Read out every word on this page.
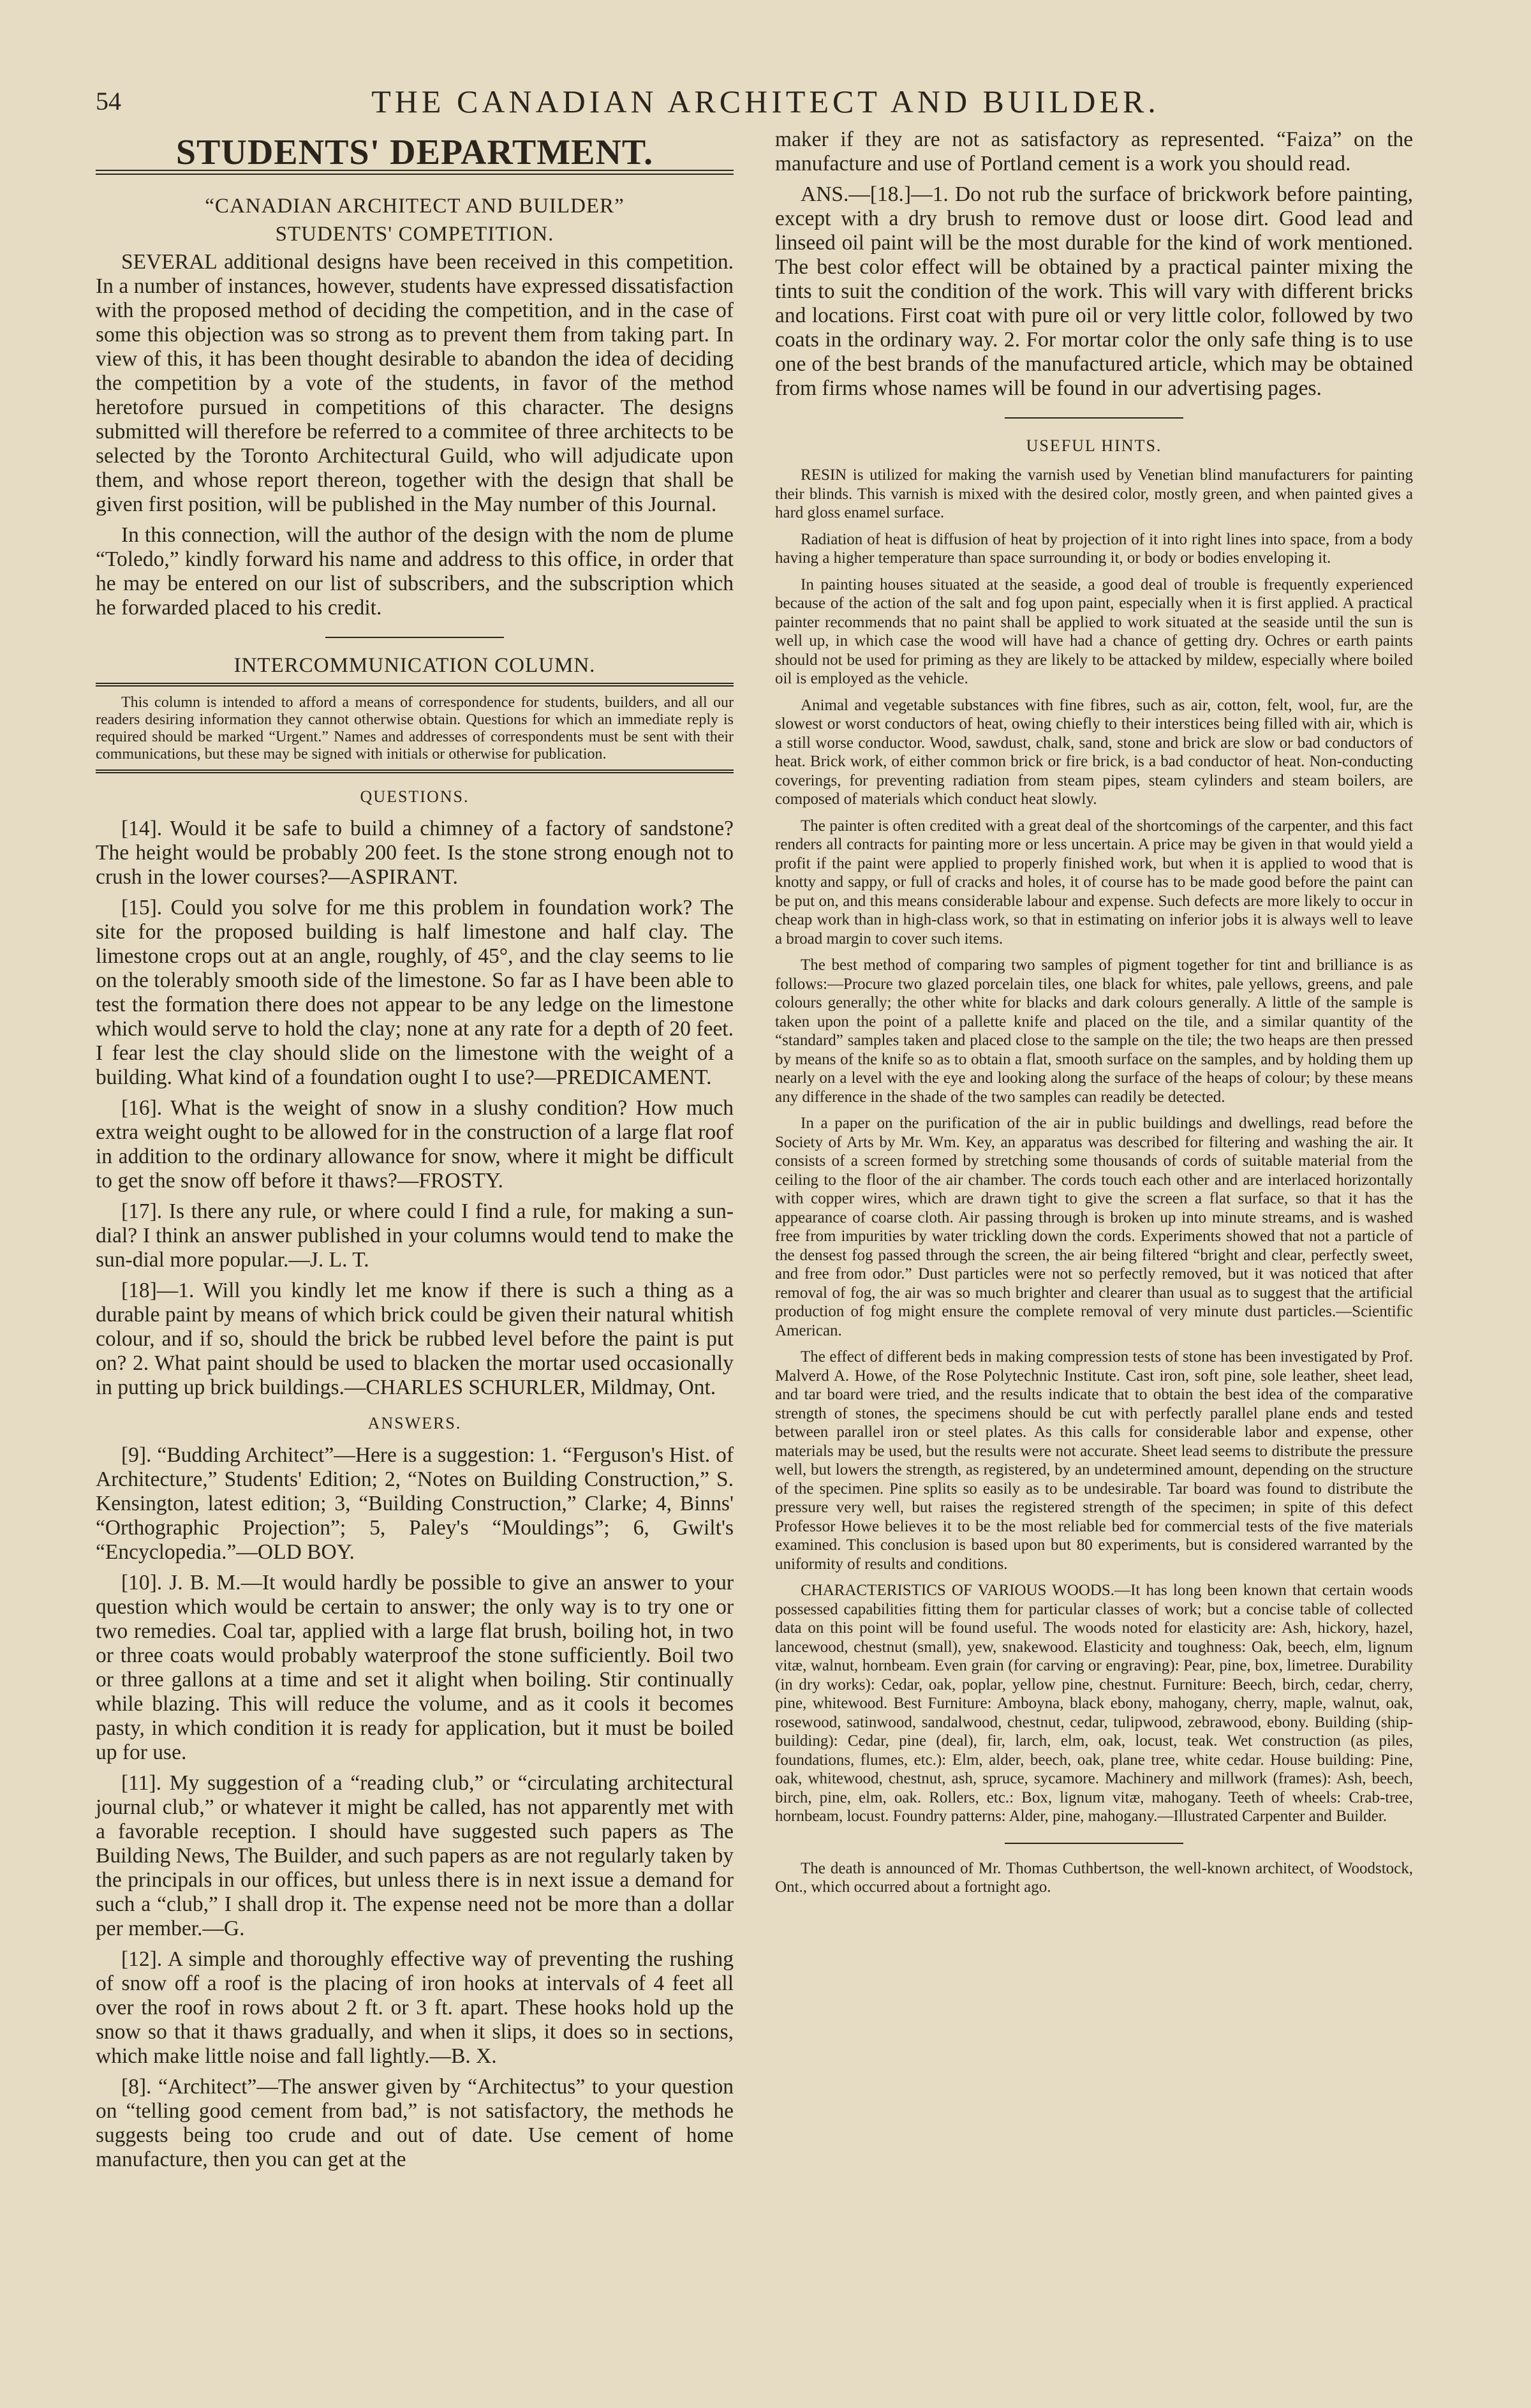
54	THE CANADIAN ARCHITECT AND BUILDER.
STUDENTS' DEPARTMENT.
“CANADIAN ARCHITECT AND BUILDER”
STUDENTS' COMPETITION.

SEVERAL additional designs have been received in this competition. In a number of instances, however, students have expressed dissatisfaction with the proposed method of deciding the competition, and in the case of some this objection was so strong as to prevent them from taking part. In view of this, it has been thought desirable to abandon the idea of deciding the competition by a vote of the students, in favor of the method heretofore pursued in competitions of this character. The designs submitted will therefore be referred to a commitee of three architects to be selected by the Toronto Architectural Guild, who will adjudicate upon them, and whose report thereon, together with the design that shall be given first position, will be published in the May number of this Journal.

In this connection, will the author of the design with the nom de plume “Toledo,” kindly forward his name and address to this office, in order that he may be entered on our list of subscribers, and the subscription which he forwarded placed to his credit.

INTERCOMMUNICATION COLUMN.

This column is intended to afford a means of correspondence for students, builders, and all our readers desiring information they cannot otherwise obtain. Questions for which an immediate reply is required should be marked “Urgent.” Names and addresses of correspondents must be sent with their communications, but these may be signed with initials or otherwise for publication.

QUESTIONS.

[14]. Would it be safe to build a chimney of a factory of sandstone? The height would be probably 200 feet. Is the stone strong enough not to crush in the lower courses?—ASPIRANT.

[15]. Could you solve for me this problem in foundation work? The site for the proposed building is half limestone and half clay. The limestone crops out at an angle, roughly, of 45°, and the clay seems to lie on the tolerably smooth side of the limestone. So far as I have been able to test the formation there does not appear to be any ledge on the limestone which would serve to hold the clay; none at any rate for a depth of 20 feet. I fear lest the clay should slide on the limestone with the weight of a building. What kind of a foundation ought I to use?—PREDICAMENT.

[16]. What is the weight of snow in a slushy condition? How much extra weight ought to be allowed for in the construction of a large flat roof in addition to the ordinary allowance for snow, where it might be difficult to get the snow off before it thaws?—FROSTY.

[17]. Is there any rule, or where could I find a rule, for making a sun-dial? I think an answer published in your columns would tend to make the sun-dial more popular.—J. L. T.

[18]—1. Will you kindly let me know if there is such a thing as a durable paint by means of which brick could be given their natural whitish colour, and if so, should the brick be rubbed level before the paint is put on? 2. What paint should be used to blacken the mortar used occasionally in putting up brick buildings.—CHARLES SCHURLER, Mildmay, Ont.

ANSWERS.

[9]. “Budding Architect”—Here is a suggestion: 1. “Ferguson's Hist. of Architecture,” Students' Edition; 2, “Notes on Building Construction,” S. Kensington, latest edition; 3, “Building Construction,” Clarke; 4, Binns' “Orthographic Projection”; 5, Paley's “Mouldings”; 6, Gwilt's “Encyclopedia.”—OLD BOY.

[10]. J. B. M.—It would hardly be possible to give an answer to your question which would be certain to answer; the only way is to try one or two remedies. Coal tar, applied with a large flat brush, boiling hot, in two or three coats would probably waterproof the stone sufficiently. Boil two or three gallons at a time and set it alight when boiling. Stir continually while blazing. This will reduce the volume, and as it cools it becomes pasty, in which condition it is ready for application, but it must be boiled up for use.

[11]. My suggestion of a “reading club,” or “circulating architectural journal club,” or whatever it might be called, has not apparently met with a favorable reception. I should have suggested such papers as The Building News, The Builder, and such papers as are not regularly taken by the principals in our offices, but unless there is in next issue a demand for such a “club,” I shall drop it. The expense need not be more than a dollar per member.—G.

[12]. A simple and thoroughly effective way of preventing the rushing of snow off a roof is the placing of iron hooks at intervals of 4 feet all over the roof in rows about 2 ft. or 3 ft. apart. These hooks hold up the snow so that it thaws gradually, and when it slips, it does so in sections, which make little noise and fall lightly.—B. X.

[8]. “Architect”—The answer given by “Architectus” to your question on “telling good cement from bad,” is not satisfactory, the methods he suggests being too crude and out of date. Use cement of home manufacture, then you can get at the

maker if they are not as satisfactory as represented. “Faiza” on the manufacture and use of Portland cement is a work you should read.

ANS.—[18.]—1. Do not rub the surface of brickwork before painting, except with a dry brush to remove dust or loose dirt. Good lead and linseed oil paint will be the most durable for the kind of work mentioned. The best color effect will be obtained by a practical painter mixing the tints to suit the condition of the work. This will vary with different bricks and locations. First coat with pure oil or very little color, followed by two coats in the ordinary way. 2. For mortar color the only safe thing is to use one of the best brands of the manufactured article, which may be obtained from firms whose names will be found in our advertising pages.

USEFUL HINTS.

RESIN is utilized for making the varnish used by Venetian blind manufacturers for painting their blinds. This varnish is mixed with the desired color, mostly green, and when painted gives a hard gloss enamel surface.

Radiation of heat is diffusion of heat by projection of it into right lines into space, from a body having a higher temperature than space surrounding it, or body or bodies enveloping it.

In painting houses situated at the seaside, a good deal of trouble is frequently experienced because of the action of the salt and fog upon paint, especially when it is first applied. A practical painter recommends that no paint shall be applied to work situated at the seaside until the sun is well up, in which case the wood will have had a chance of getting dry. Ochres or earth paints should not be used for priming as they are likely to be attacked by mildew, especially where boiled oil is employed as the vehicle.

Animal and vegetable substances with fine fibres, such as air, cotton, felt, wool, fur, are the slowest or worst conductors of heat, owing chiefly to their interstices being filled with air, which is a still worse conductor. Wood, sawdust, chalk, sand, stone and brick are slow or bad conductors of heat. Brick work, of either common brick or fire brick, is a bad conductor of heat. Non-conducting coverings, for preventing radiation from steam pipes, steam cylinders and steam boilers, are composed of materials which conduct heat slowly.

The painter is often credited with a great deal of the shortcomings of the carpenter, and this fact renders all contracts for painting more or less uncertain. A price may be given in that would yield a profit if the paint were applied to properly finished work, but when it is applied to wood that is knotty and sappy, or full of cracks and holes, it of course has to be made good before the paint can be put on, and this means considerable labour and expense. Such defects are more likely to occur in cheap work than in high-class work, so that in estimating on inferior jobs it is always well to leave a broad margin to cover such items.

The best method of comparing two samples of pigment together for tint and brilliance is as follows:—Procure two glazed porcelain tiles, one black for whites, pale yellows, greens, and pale colours generally; the other white for blacks and dark colours generally. A little of the sample is taken upon the point of a pallette knife and placed on the tile, and a similar quantity of the “standard” samples taken and placed close to the sample on the tile; the two heaps are then pressed by means of the knife so as to obtain a flat, smooth surface on the samples, and by holding them up nearly on a level with the eye and looking along the surface of the heaps of colour; by these means any difference in the shade of the two samples can readily be detected.

In a paper on the purification of the air in public buildings and dwellings, read before the Society of Arts by Mr. Wm. Key, an apparatus was described for filtering and washing the air. It consists of a screen formed by stretching some thousands of cords of suitable material from the ceiling to the floor of the air chamber. The cords touch each other and are interlaced horizontally with copper wires, which are drawn tight to give the screen a flat surface, so that it has the appearance of coarse cloth. Air passing through is broken up into minute streams, and is washed free from impurities by water trickling down the cords. Experiments showed that not a particle of the densest fog passed through the screen, the air being filtered “bright and clear, perfectly sweet, and free from odor.” Dust particles were not so perfectly removed, but it was noticed that after removal of fog, the air was so much brighter and clearer than usual as to suggest that the artificial production of fog might ensure the complete removal of very minute dust particles.—Scientific American.

The effect of different beds in making compression tests of stone has been investigated by Prof. Malverd A. Howe, of the Rose Polytechnic Institute. Cast iron, soft pine, sole leather, sheet lead, and tar board were tried, and the results indicate that to obtain the best idea of the comparative strength of stones, the specimens should be cut with perfectly parallel plane ends and tested between parallel iron or steel plates. As this calls for considerable labor and expense, other materials may be used, but the results were not accurate. Sheet lead seems to distribute the pressure well, but lowers the strength, as registered, by an undetermined amount, depending on the structure of the specimen. Pine splits so easily as to be undesirable. Tar board was found to distribute the pressure very well, but raises the registered strength of the specimen; in spite of this defect Professor Howe believes it to be the most reliable bed for commercial tests of the five materials examined. This conclusion is based upon but 80 experiments, but is considered warranted by the uniformity of results and conditions.

CHARACTERISTICS OF VARIOUS WOODS.—It has long been known that certain woods possessed capabilities fitting them for particular classes of work; but a concise table of collected data on this point will be found useful. The woods noted for elasticity are: Ash, hickory, hazel, lancewood, chestnut (small), yew, snakewood. Elasticity and toughness: Oak, beech, elm, lignum vitæ, walnut, hornbeam. Even grain (for carving or engraving): Pear, pine, box, limetree. Durability (in dry works): Cedar, oak, poplar, yellow pine, chestnut. Furniture: Beech, birch, cedar, cherry, pine, whitewood. Best Furniture: Amboyna, black ebony, mahogany, cherry, maple, walnut, oak, rosewood, satinwood, sandalwood, chestnut, cedar, tulipwood, zebrawood, ebony. Building (ship-building): Cedar, pine (deal), fir, larch, elm, oak, locust, teak. Wet construction (as piles, foundations, flumes, etc.): Elm, alder, beech, oak, plane tree, white cedar. House building: Pine, oak, whitewood, chestnut, ash, spruce, sycamore. Machinery and millwork (frames): Ash, beech, birch, pine, elm, oak. Rollers, etc.: Box, lignum vitæ, mahogany. Teeth of wheels: Crab-tree, hornbeam, locust. Foundry patterns: Alder, pine, mahogany.—Illustrated Carpenter and Builder.

The death is announced of Mr. Thomas Cuthbertson, the well-known architect, of Woodstock, Ont., which occurred about a fortnight ago.
